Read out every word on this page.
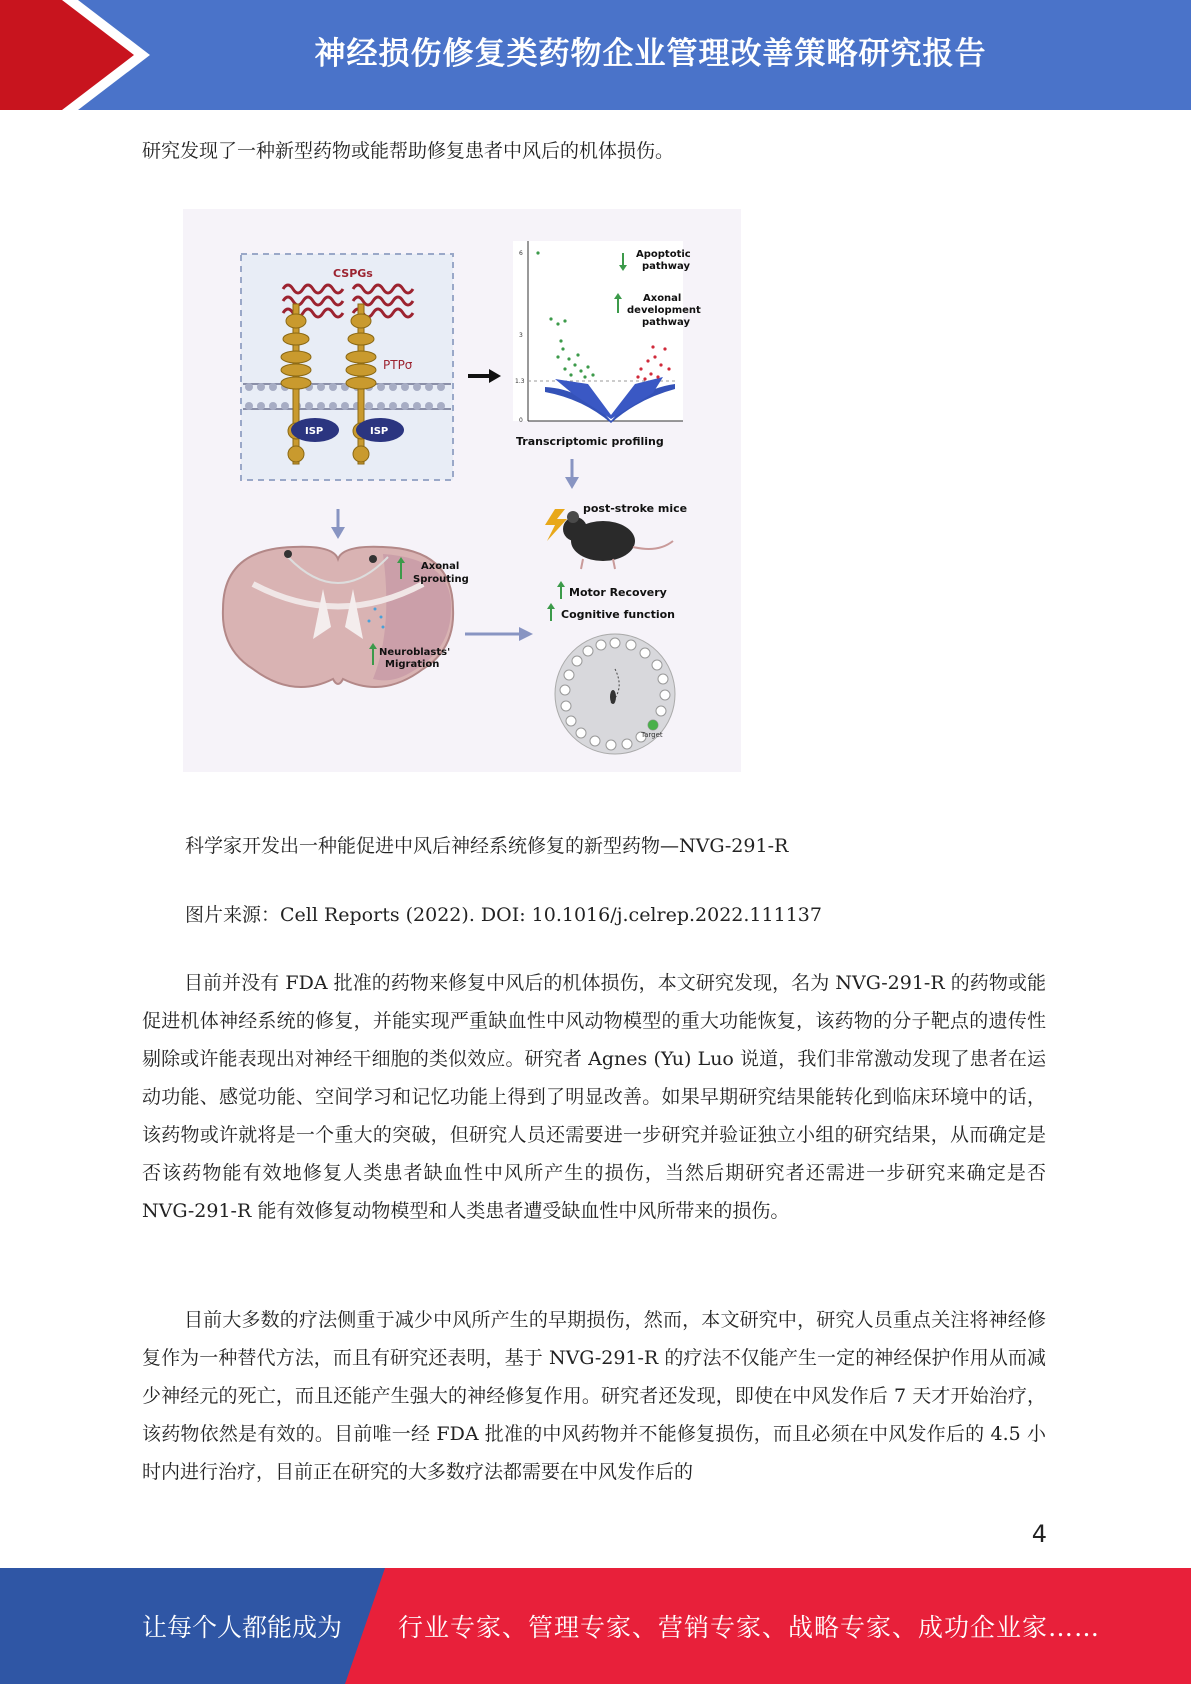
神经损伤修复类药物企业管理改善策略研究报告
研究发现了一种新型药物或能帮助修复患者中风后的机体损伤。
CSPGs
PTPσ
ISP	ISP
6
3
1.3
0
Apoptotic
pathway
Axonal
development
pathway
Transcriptomic profiling
post-stroke mice
Axonal
Sprouting
Neuroblasts'
Migration
Motor Recovery
Cognitive function
Target
科学家开发出一种能促进中风后神经系统修复的新型药物—NVG-291-R
图片来源：Cell Reports (2022). DOI: 10.1016/j.celrep.2022.111137
目前并没有 FDA 批准的药物来修复中风后的机体损伤，本文研究发现，名为 NVG-291-R 的药物或能促进机体神经系统的修复，并能实现严重缺血性中风动物模型的重大功能恢复，该药物的分子靶点的遗传性剔除或许能表现出对神经干细胞的类似效应。研究者 Agnes (Yu) Luo 说道，我们非常激动发现了患者在运动功能、感觉功能、空间学习和记忆功能上得到了明显改善。如果早期研究结果能转化到临床环境中的话，该药物或许就将是一个重大的突破，但研究人员还需要进一步研究并验证独立小组的研究结果，从而确定是否该药物能有效地修复人类患者缺血性中风所产生的损伤，当然后期研究者还需进一步研究来确定是否 NVG-291-R 能有效修复动物模型和人类患者遭受缺血性中风所带来的损伤。
目前大多数的疗法侧重于减少中风所产生的早期损伤，然而，本文研究中，研究人员重点关注将神经修复作为一种替代方法，而且有研究还表明，基于 NVG-291-R 的疗法不仅能产生一定的神经保护作用从而减少神经元的死亡，而且还能产生强大的神经修复作用。研究者还发现，即使在中风发作后 7 天才开始治疗，该药物依然是有效的。目前唯一经 FDA 批准的中风药物并不能修复损伤，而且必须在中风发作后的 4.5 小时内进行治疗，目前正在研究的大多数疗法都需要在中风发作后的
4
让每个人都能成为 行业专家、管理专家、营销专家、战略专家、成功企业家……
